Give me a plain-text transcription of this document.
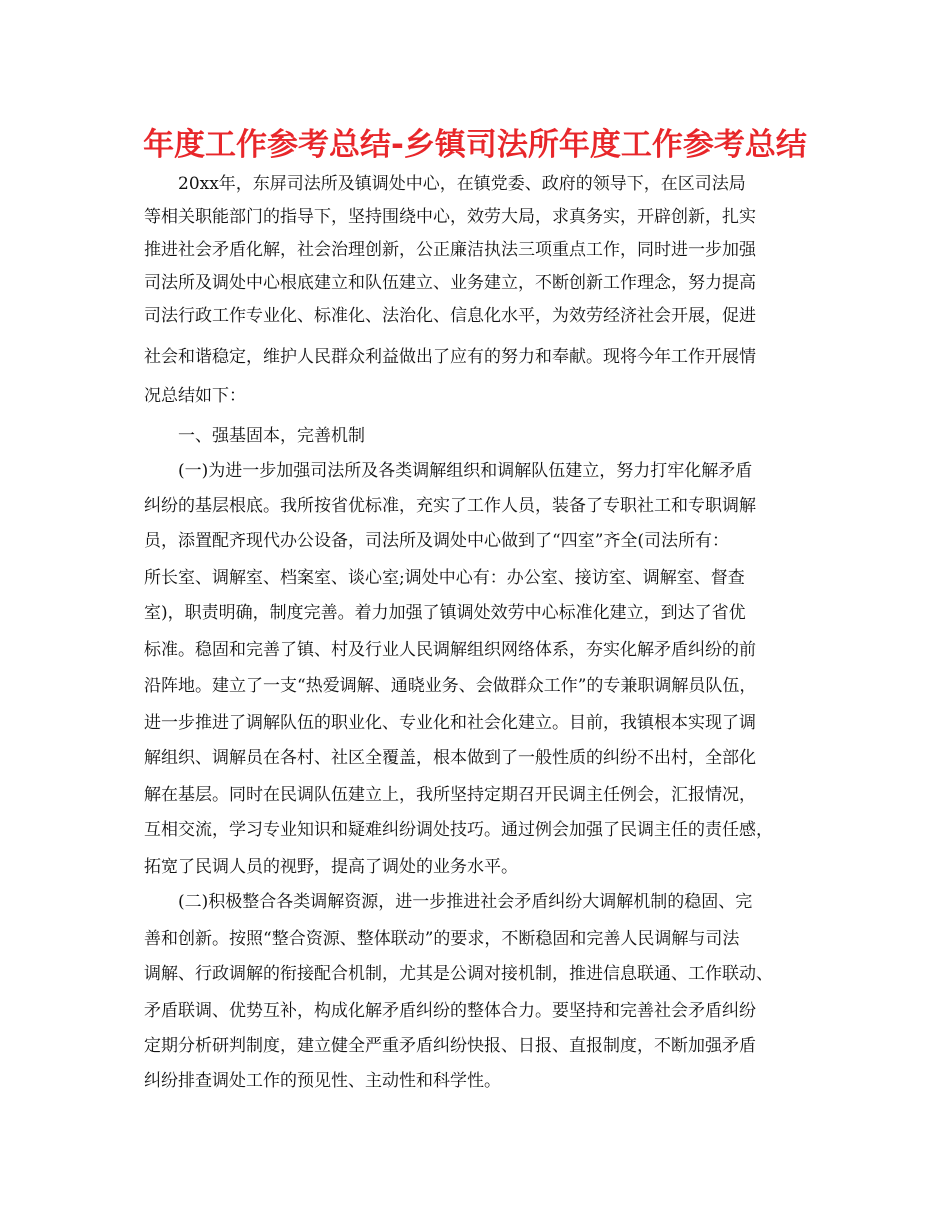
年度工作参考总结-乡镇司法所年度工作参考总结
20xx年，东屏司法所及镇调处中心，在镇党委、政府的领导下，在区司法局
等相关职能部门的指导下，坚持围绕中心，效劳大局，求真务实，开辟创新，扎实
推进社会矛盾化解，社会治理创新，公正廉洁执法三项重点工作，同时进一步加强
司法所及调处中心根底建立和队伍建立、业务建立，不断创新工作理念，努力提高
司法行政工作专业化、标准化、法治化、信息化水平，为效劳经济社会开展，促进
社会和谐稳定，维护人民群众利益做出了应有的努力和奉献。现将今年工作开展情
况总结如下：
一、强基固本，完善机制
(一)为进一步加强司法所及各类调解组织和调解队伍建立，努力打牢化解矛盾
纠纷的基层根底。我所按省优标准，充实了工作人员，装备了专职社工和专职调解
员，添置配齐现代办公设备，司法所及调处中心做到了“四室”齐全(司法所有：
所长室、调解室、档案室、谈心室;调处中心有：办公室、接访室、调解室、督查
室)，职责明确，制度完善。着力加强了镇调处效劳中心标准化建立，到达了省优
标准。稳固和完善了镇、村及行业人民调解组织网络体系，夯实化解矛盾纠纷的前
沿阵地。建立了一支“热爱调解、通晓业务、会做群众工作”的专兼职调解员队伍，
进一步推进了调解队伍的职业化、专业化和社会化建立。目前，我镇根本实现了调
解组织、调解员在各村、社区全覆盖，根本做到了一般性质的纠纷不出村，全部化
解在基层。同时在民调队伍建立上，我所坚持定期召开民调主任例会，汇报情况，
互相交流，学习专业知识和疑难纠纷调处技巧。通过例会加强了民调主任的责任感，
拓宽了民调人员的视野，提高了调处的业务水平。
(二)积极整合各类调解资源，进一步推进社会矛盾纠纷大调解机制的稳固、完
善和创新。按照“整合资源、整体联动”的要求，不断稳固和完善人民调解与司法
调解、行政调解的衔接配合机制，尤其是公调对接机制，推进信息联通、工作联动、
矛盾联调、优势互补，构成化解矛盾纠纷的整体合力。要坚持和完善社会矛盾纠纷
定期分析研判制度，建立健全严重矛盾纠纷快报、日报、直报制度，不断加强矛盾
纠纷排查调处工作的预见性、主动性和科学性。
